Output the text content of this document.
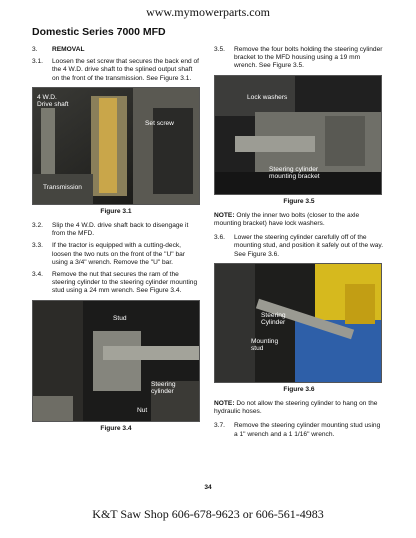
www.mymowerparts.com
Domestic Series 7000 MFD
3.	REMOVAL
3.1.	Loosen the set screw that secures the back end of the 4 W.D. drive shaft to the splined output shaft on the front of the transmission. See Figure 3.1.
4 W.D.
Drive shaft
Set screw
Transmission
Figure 3.1
3.2.	Slip the 4 W.D. drive shaft back to disengage it from the MFD.
3.3.	If the tractor is equipped with a cutting-deck, loosen the two nuts on the front of the "U" bar using a 3/4" wrench. Remove the "U" bar.
3.4.	Remove the nut that secures the ram of the steering cylinder to the steering cylinder mounting stud using a 24 mm wrench. See Figure 3.4.
Stud
Steering
cylinder
Nut
Figure 3.4
3.5.	Remove the four bolts holding the steering cylinder bracket to the MFD housing using a 19 mm wrench. See Figure 3.5.
Lock washers
Steering cylinder
mounting bracket
Figure 3.5
NOTE: Only the inner two bolts (closer to the axle mounting bracket) have lock washers.
3.6.	Lower the steering cylinder carefully off of the mounting stud, and position it safely out of the way. See Figure 3.6.
Steering
Cylinder
Mounting
stud
Figure 3.6
NOTE: Do not allow the steering cylinder to hang on the hydraulic hoses.
3.7.	Remove the steering cylinder mounting stud using a 1" wrench and a 1 1/16" wrench.
34
K&T Saw Shop 606-678-9623 or 606-561-4983
